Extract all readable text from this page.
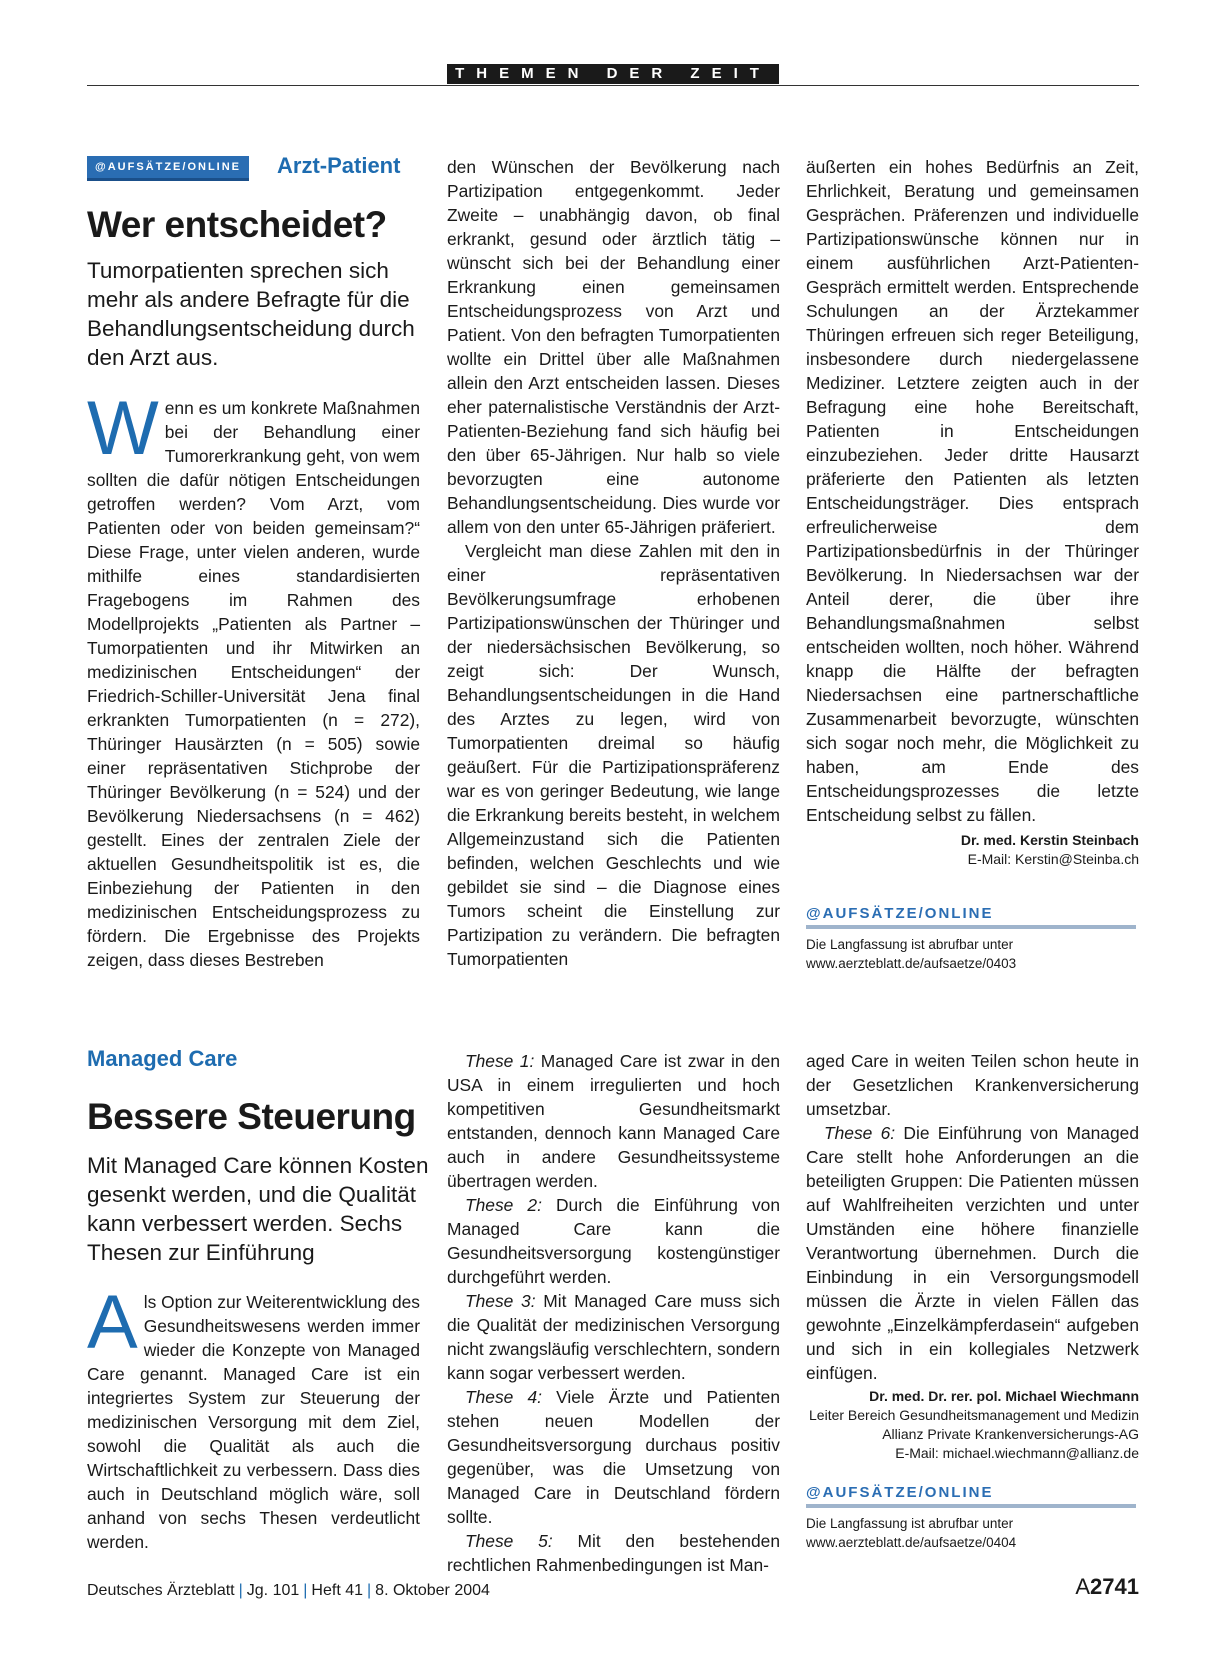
THEMEN DER ZEIT
@AUFSÄTZE/ONLINE	Arzt-Patient
Wer entscheidet?
Tumorpatienten sprechen sich mehr als andere Befragte für die Behandlungsentscheidung durch den Arzt aus.

Wenn es um konkrete Maßnahmen bei der Behandlung einer Tumorerkrankung geht, von wem sollten die dafür nötigen Entscheidungen getroffen werden? Vom Arzt, vom Patienten oder von beiden gemeinsam?“ Diese Frage, unter vielen anderen, wurde mithilfe eines standardisierten Fragebogens im Rahmen des Modellprojekts „Patienten als Partner – Tumorpatienten und ihr Mitwirken an medizinischen Entscheidungen“ der Friedrich-Schiller-Universität Jena final erkrankten Tumorpatienten (n = 272), Thüringer Hausärzten (n = 505) sowie einer repräsentativen Stichprobe der Thüringer Bevölkerung (n = 524) und der Bevölkerung Niedersachsens (n = 462) gestellt. Eines der zentralen Ziele der aktuellen Gesundheitspolitik ist es, die Einbeziehung der Patienten in den medizinischen Entscheidungsprozess zu fördern. Die Ergebnisse des Projekts zeigen, dass dieses Bestreben

den Wünschen der Bevölkerung nach Partizipation entgegenkommt. Jeder Zweite – unabhängig davon, ob final erkrankt, gesund oder ärztlich tätig – wünscht sich bei der Behandlung einer Erkrankung einen gemeinsamen Entscheidungsprozess von Arzt und Patient. Von den befragten Tumorpatienten wollte ein Drittel über alle Maßnahmen allein den Arzt entscheiden lassen. Dieses eher paternalistische Verständnis der Arzt-Patienten-Beziehung fand sich häufig bei den über 65-Jährigen. Nur halb so viele bevorzugten eine autonome Behandlungsentscheidung. Dies wurde vor allem von den unter 65-Jährigen präferiert.

Vergleicht man diese Zahlen mit den in einer repräsentativen Bevölkerungsumfrage erhobenen Partizipationswünschen der Thüringer und der niedersächsischen Bevölkerung, so zeigt sich: Der Wunsch, Behandlungsentscheidungen in die Hand des Arztes zu legen, wird von Tumorpatienten dreimal so häufig geäußert. Für die Partizipationspräferenz war es von geringer Bedeutung, wie lange die Erkrankung bereits besteht, in welchem Allgemeinzustand sich die Patienten befinden, welchen Geschlechts und wie gebildet sie sind – die Diagnose eines Tumors scheint die Einstellung zur Partizipation zu verändern. Die befragten Tumorpatienten

äußerten ein hohes Bedürfnis an Zeit, Ehrlichkeit, Beratung und gemeinsamen Gesprächen. Präferenzen und individuelle Partizipationswünsche können nur in einem ausführlichen Arzt-Patienten-Gespräch ermittelt werden. Entsprechende Schulungen an der Ärztekammer Thüringen erfreuen sich reger Beteiligung, insbesondere durch niedergelassene Mediziner. Letztere zeigten auch in der Befragung eine hohe Bereitschaft, Patienten in Entscheidungen einzubeziehen. Jeder dritte Hausarzt präferierte den Patienten als letzten Entscheidungsträger. Dies entsprach erfreulicherweise dem Partizipationsbedürfnis in der Thüringer Bevölkerung. In Niedersachsen war der Anteil derer, die über ihre Behandlungsmaßnahmen selbst entscheiden wollten, noch höher. Während knapp die Hälfte der befragten Niedersachsen eine partnerschaftliche Zusammenarbeit bevorzugte, wünschten sich sogar noch mehr, die Möglichkeit zu haben, am Ende des Entscheidungsprozesses die letzte Entscheidung selbst zu fällen.

Dr. med. Kerstin Steinbach
E-Mail: Kerstin@Steinba.ch
@AUFSÄTZE/ONLINE
Die Langfassung ist abrufbar unter
www.aerzteblatt.de/aufsaetze/0403
Managed Care
Bessere Steuerung
Mit Managed Care können Kosten gesenkt werden, und die Qualität kann verbessert werden. Sechs Thesen zur Einführung

Als Option zur Weiterentwicklung des Gesundheitswesens werden immer wieder die Konzepte von Managed Care genannt. Managed Care ist ein integriertes System zur Steuerung der medizinischen Versorgung mit dem Ziel, sowohl die Qualität als auch die Wirtschaftlichkeit zu verbessern. Dass dies auch in Deutschland möglich wäre, soll anhand von sechs Thesen verdeutlicht werden.

These 1: Managed Care ist zwar in den USA in einem irregulierten und hoch kompetitiven Gesundheitsmarkt entstanden, dennoch kann Managed Care auch in andere Gesundheitssysteme übertragen werden.

These 2: Durch die Einführung von Managed Care kann die Gesundheitsversorgung kostengünstiger durchgeführt werden.

These 3: Mit Managed Care muss sich die Qualität der medizinischen Versorgung nicht zwangsläufig verschlechtern, sondern kann sogar verbessert werden.

These 4: Viele Ärzte und Patienten stehen neuen Modellen der Gesundheitsversorgung durchaus positiv gegenüber, was die Umsetzung von Managed Care in Deutschland fördern sollte.

These 5: Mit den bestehenden rechtlichen Rahmenbedingungen ist Man-

aged Care in weiten Teilen schon heute in der Gesetzlichen Krankenversicherung umsetzbar.

These 6: Die Einführung von Managed Care stellt hohe Anforderungen an die beteiligten Gruppen: Die Patienten müssen auf Wahlfreiheiten verzichten und unter Umständen eine höhere finanzielle Verantwortung übernehmen. Durch die Einbindung in ein Versorgungsmodell müssen die Ärzte in vielen Fällen das gewohnte „Einzelkämpferdasein“ aufgeben und sich in ein kollegiales Netzwerk einfügen.

Dr. med. Dr. rer. pol. Michael Wiechmann
Leiter Bereich Gesundheitsmanagement und Medizin
Allianz Private Krankenversicherungs-AG
E-Mail: michael.wiechmann@allianz.de
@AUFSÄTZE/ONLINE
Die Langfassung ist abrufbar unter
www.aerzteblatt.de/aufsaetze/0404
Deutsches Ärzteblatt | Jg. 101 | Heft 41 | 8. Oktober 2004	A2741
